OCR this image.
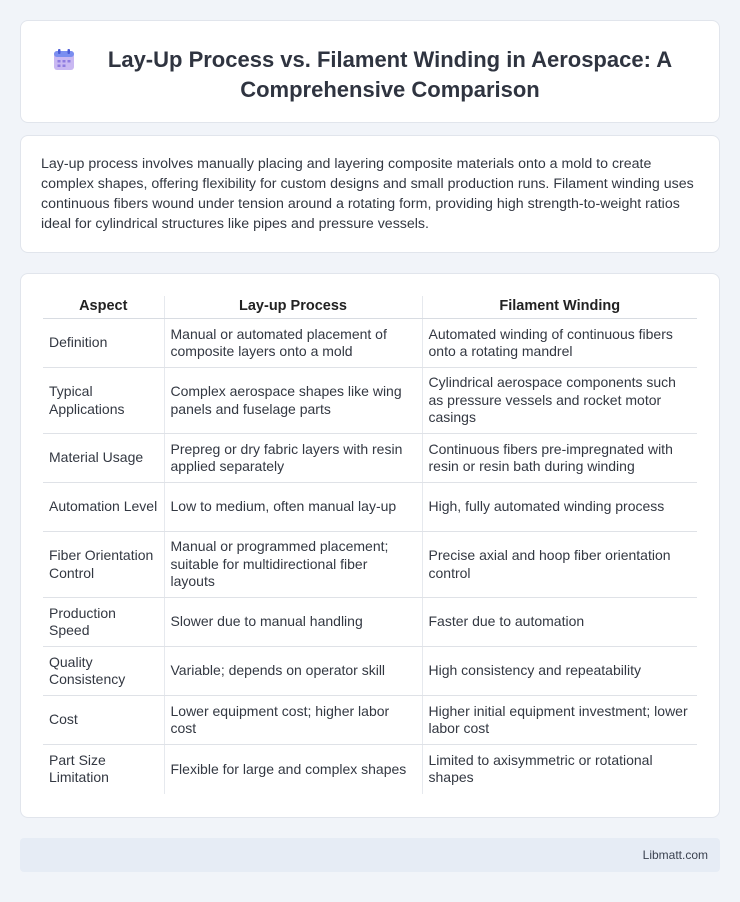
Lay-Up Process vs. Filament Winding in Aerospace: A Comprehensive Comparison

Lay-up process involves manually placing and layering composite materials onto a mold to create complex shapes, offering flexibility for custom designs and small production runs. Filament winding uses continuous fibers wound under tension around a rotating form, providing high strength-to-weight ratios ideal for cylindrical structures like pipes and pressure vessels.

Aspect	Lay-up Process	Filament Winding
Definition	Manual or automated placement of composite layers onto a mold	Automated winding of continuous fibers onto a rotating mandrel
Typical Applications	Complex aerospace shapes like wing panels and fuselage parts	Cylindrical aerospace components such as pressure vessels and rocket motor casings
Material Usage	Prepreg or dry fabric layers with resin applied separately	Continuous fibers pre-impregnated with resin or resin bath during winding
Automation Level	Low to medium, often manual lay-up	High, fully automated winding process
Fiber Orientation Control	Manual or programmed placement; suitable for multidirectional fiber layouts	Precise axial and hoop fiber orientation control
Production Speed	Slower due to manual handling	Faster due to automation
Quality Consistency	Variable; depends on operator skill	High consistency and repeatability
Cost	Lower equipment cost; higher labor cost	Higher initial equipment investment; lower labor cost
Part Size Limitation	Flexible for large and complex shapes	Limited to axisymmetric or rotational shapes
Libmatt.com
